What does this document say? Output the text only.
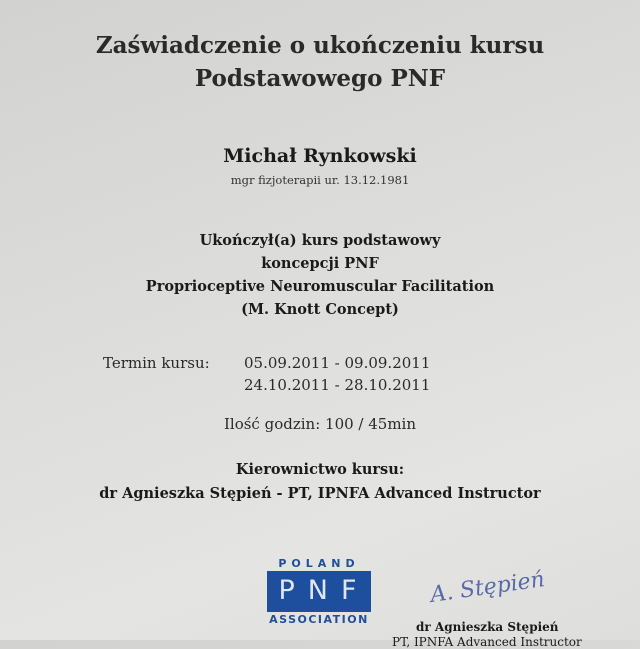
Zaświadczenie o ukończeniu kursu
Podstawowego PNF
Michał Rynkowski
mgr fizjoterapii ur. 13.12.1981
Ukończył(a) kurs podstawowy
koncepcji PNF
Proprioceptive Neuromuscular Facilitation
(M. Knott Concept)
Termin kursu: 05.09.2011 - 09.09.2011
24.10.2011 - 28.10.2011
Ilość godzin: 100 / 45min
Kierownictwo kursu:
dr Agnieszka Stępień - PT, IPNFA Advanced Instructor
POLAND
PNF
ASSOCIATION
A. Stępień
dr Agnieszka Stępień
PT, IPNFA Advanced Instructor
